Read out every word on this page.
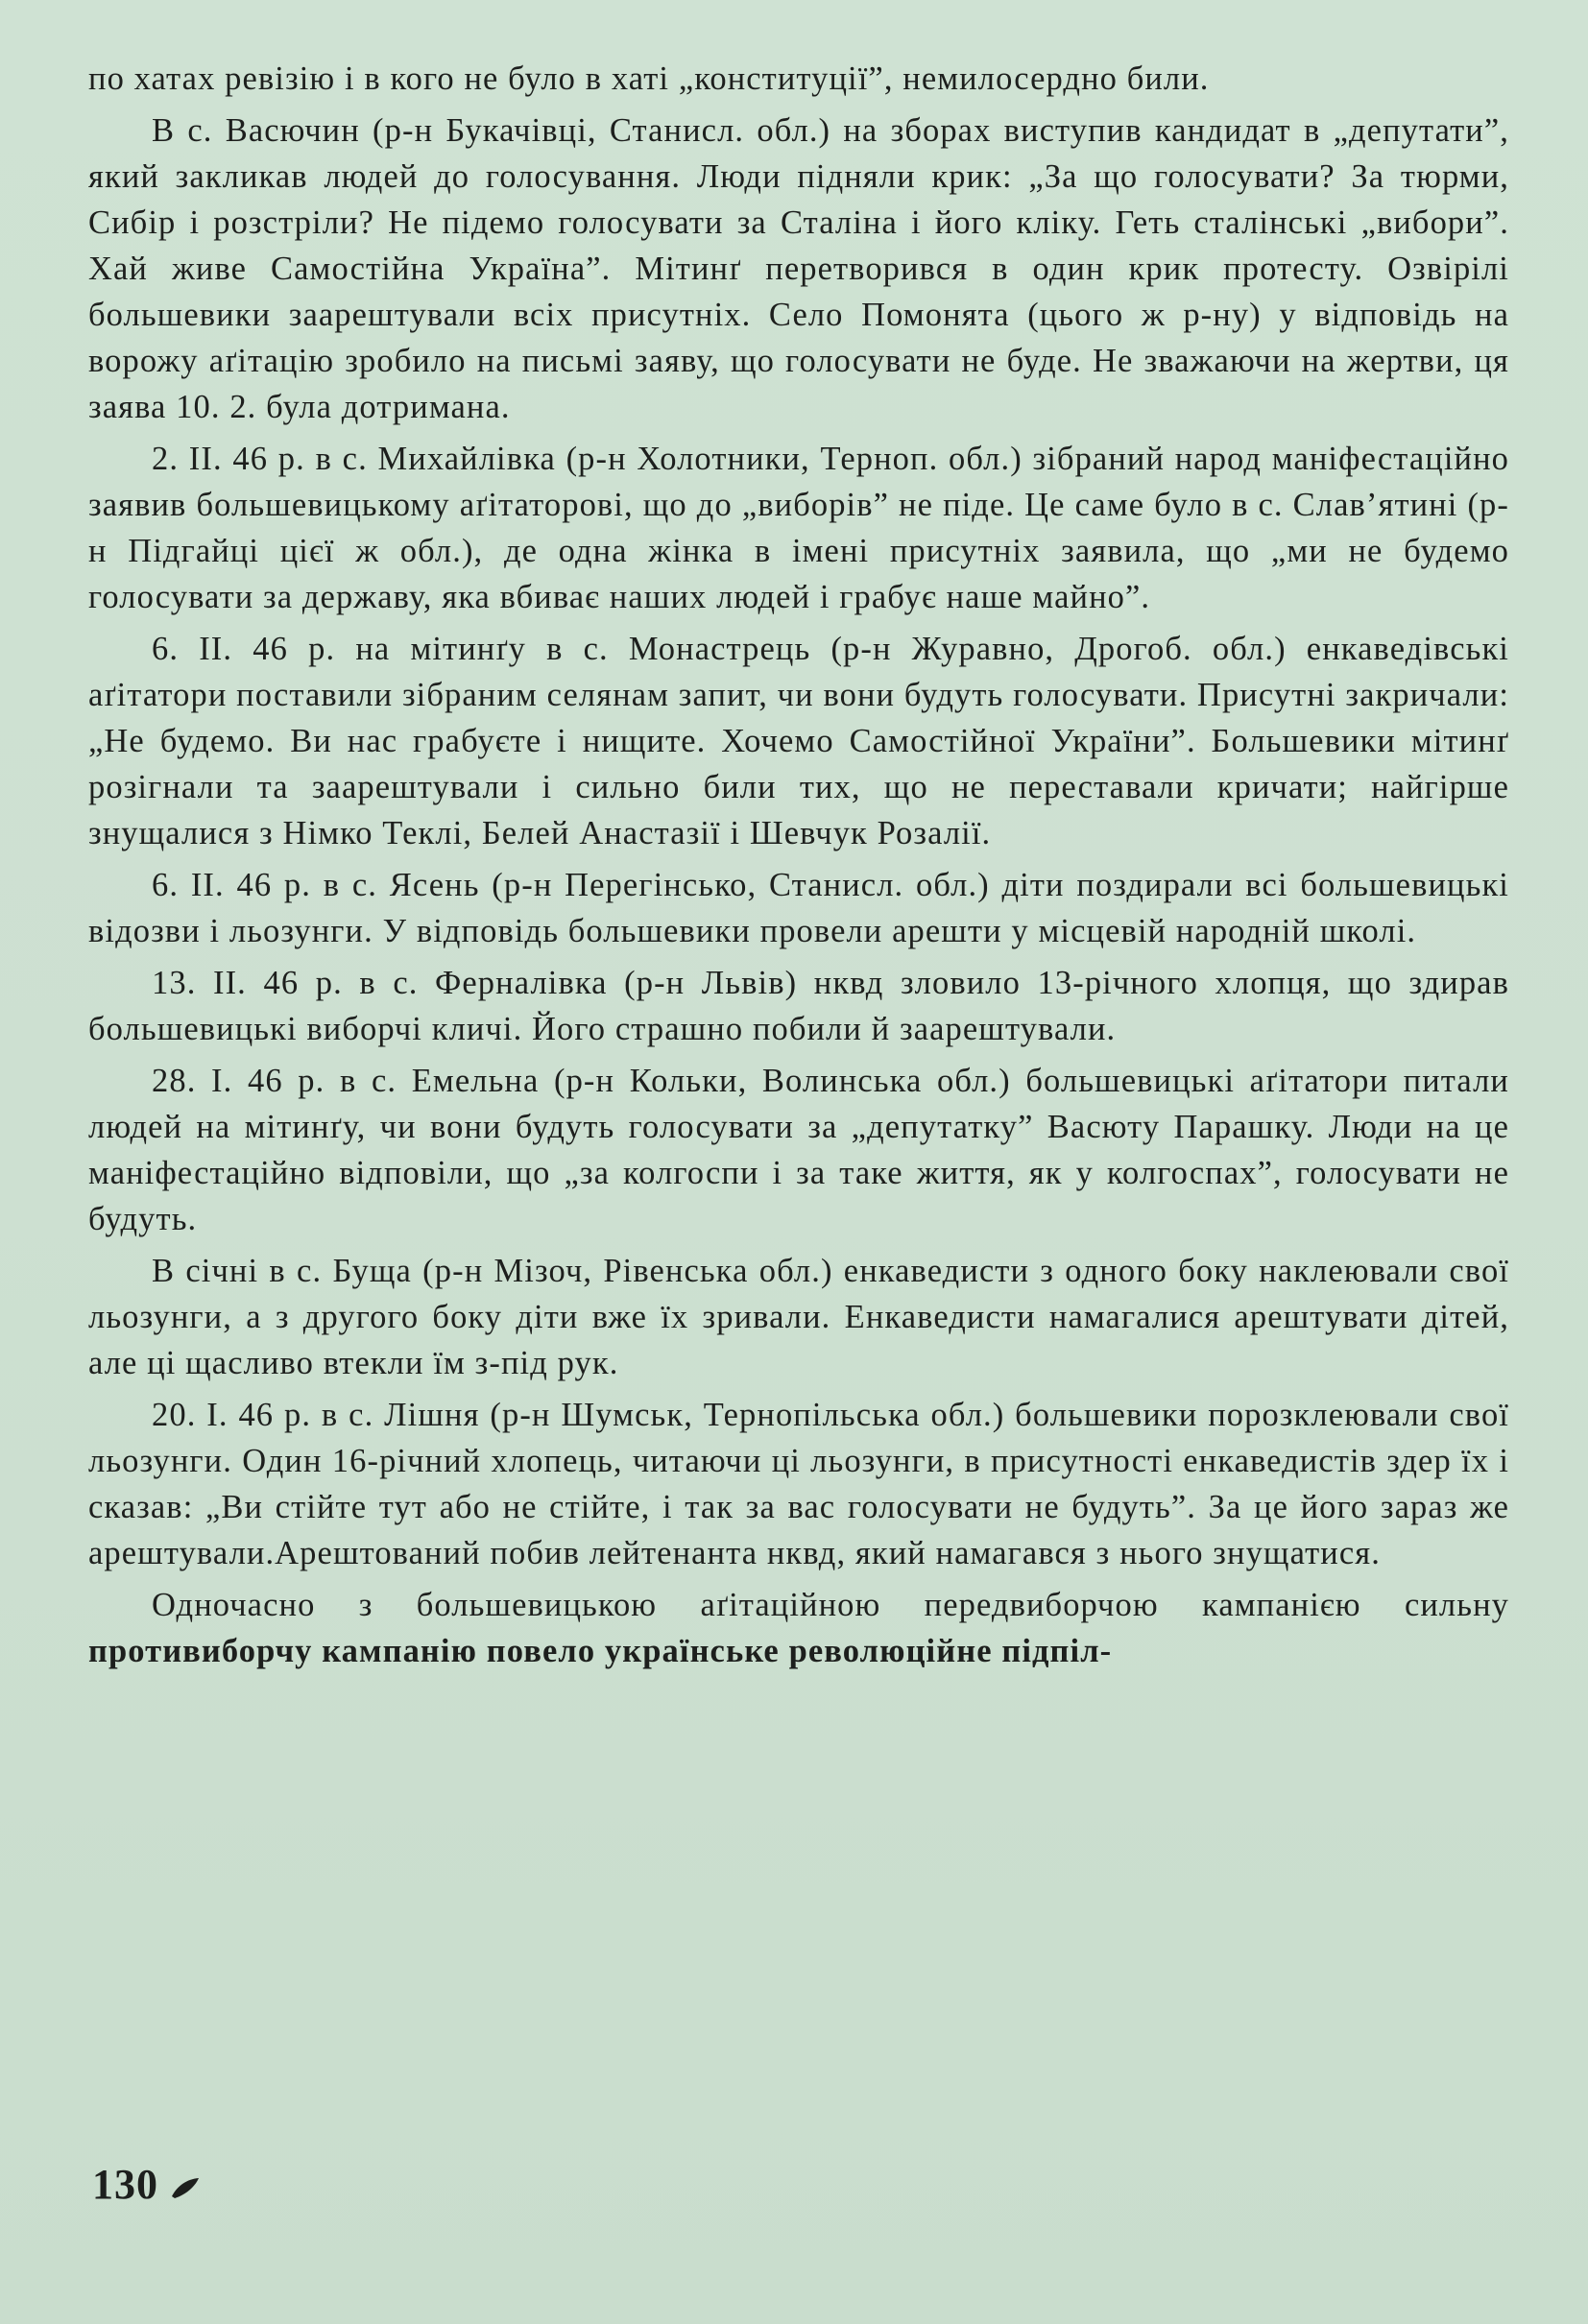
по хатах ревізію і в кого не було в хаті „конституції”, немилосердно били.

В с. Васючин (р-н Букачівці, Станисл. обл.) на зборах виступив кандидат в „депутати”, який закликав людей до голосування. Люди підняли крик: „За що голосувати? За тюрми, Сибір і розстріли? Не підемо голосувати за Сталіна і його кліку. Геть сталінські „вибори”. Хай живе Самостійна Україна”. Мітинґ перетворився в один крик протесту. Озвірілі большевики заарештували всіх присутніх. Село Помонята (цього ж р-ну) у відповідь на ворожу аґітацію зробило на письмі заяву, що голосувати не буде. Не зважаючи на жертви, ця заява 10. 2. була дотримана.

2. II. 46 р. в с. Михайлівка (р-н Холотники, Терноп. обл.) зібраний народ маніфестаційно заявив большевицькому аґітаторові, що до „виборів” не піде. Це саме було в с. Слав’ятині (р-н Підгайці цієї ж обл.), де одна жінка в імені присутніх заявила, що „ми не будемо голосувати за державу, яка вбиває наших людей і грабує наше майно”.

6. II. 46 р. на мітинґу в с. Монастрець (р-н Журавно, Дрогоб. обл.) енкаведівські аґітатори поставили зібраним селянам запит, чи вони будуть голосувати. Присутні закричали: „Не будемо. Ви нас грабуєте і нищите. Хочемо Самостійної України”. Большевики мітинґ розігнали та заарештували і сильно били тих, що не переставали кричати; найгірше знущалися з Німко Теклі, Белей Анастазії і Шевчук Розалії.

6. II. 46 р. в с. Ясень (р-н Перегінсько, Станисл. обл.) діти поздирали всі большевицькі відозви і льозунги. У відповідь большевики провели арешти у місцевій народній школі.

13. II. 46 р. в с. Ферналівка (р-н Львів) нквд зловило 13-річного хлопця, що здирав большевицькі виборчі кличі. Його страшно побили й заарештували.

28. I. 46 р. в с. Емельна (р-н Кольки, Волинська обл.) большевицькі аґітатори питали людей на мітинґу, чи вони будуть голосувати за „депутатку” Васюту Парашку. Люди на це маніфестаційно відповіли, що „за колгоспи і за таке життя, як у колгоспах”, голосувати не будуть.

В січні в с. Буща (р-н Мізоч, Рівенська обл.) енкаведисти з одного боку наклеювали свої льозунги, а з другого боку діти вже їх зривали. Енкаведисти намагалися арештувати дітей, але ці щасливо втекли їм з-під рук.

20. I. 46 р. в с. Лішня (р-н Шумськ, Тернопільська обл.) большевики порозклеювали свої льозунги. Один 16-річний хлопець, читаючи ці льозунги, в присутності енкаведистів здер їх і сказав: „Ви стійте тут або не стійте, і так за вас голосувати не будуть”. За це його зараз же арештували.Арештований побив лейтенанта нквд, який намагався з нього знущатися.

Одночасно з большевицькою аґітаційною передвиборчою кампанією сильну противиборчу кампанію повело українське революційне підпіл-

130
